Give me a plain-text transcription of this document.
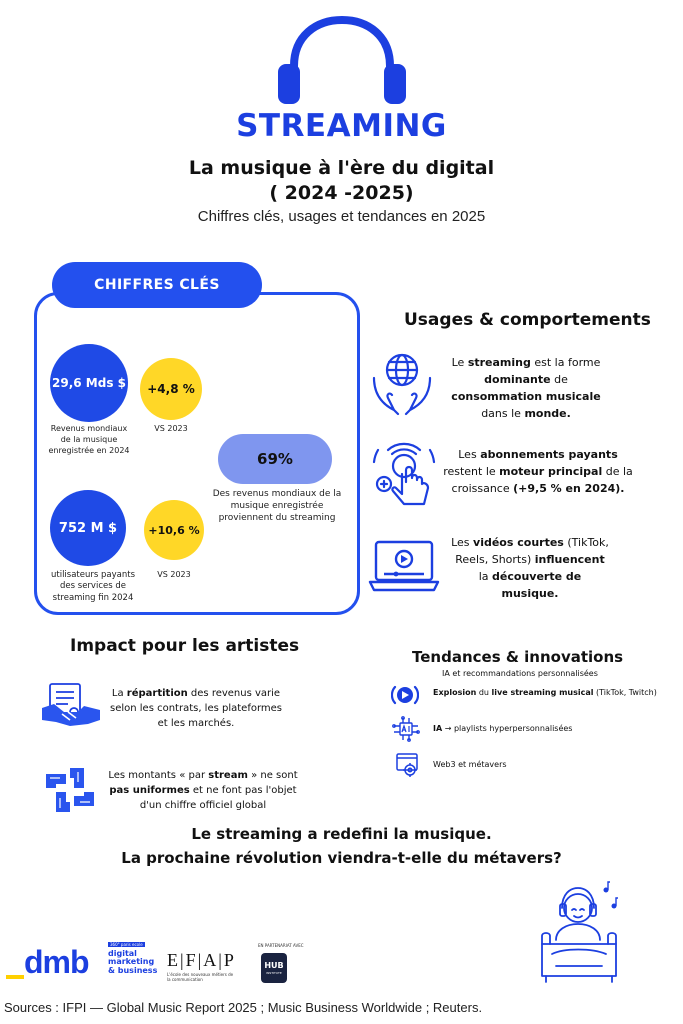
STREAMING
La musique à l'ère du digital
( 2024 -2025)
Chiffres clés, usages et tendances en 2025
CHIFFRES CLÉS
29,6 Mds $
Revenus mondiaux de la musique enregistrée en 2024
+4,8 %
VS 2023
69%
Des revenus mondiaux de la musique enregistrée proviennent du streaming
752 M $
utilisateurs payants des services de streaming fin 2024
+10,6 %
VS 2023
Usages & comportements
Le streaming est la forme dominante de consommation musicale dans le monde.
Les abonnements payants restent le moteur principal de la croissance (+9,5 % en 2024).
Les vidéos courtes (TikTok, Reels, Shorts) influencent la découverte de musique.
Impact pour les artistes
La répartition des revenus varie selon les contrats, les plateformes et les marchés.
Les montants « par stream » ne sont pas uniformes et ne font pas l'objet d'un chiffre officiel global
Tendances & innovations
IA et recommandations personnalisées
Explosion du live streaming musical (TikTok, Twitch)
IA → playlists hyperpersonnalisées
Web3 et métavers
Le streaming a redefini la musique.
La prochaine révolution viendra-t-elle du métavers?
dmb	360° paris ecole
digital marketing & business
E|F|A|P
L'école des nouveaux métiers de la communication
EN PARTENARIAT AVEC
HUB
INSTITUTE
Sources : IFPI — Global Music Report 2025 ; Music Business Worldwide ; Reuters.
